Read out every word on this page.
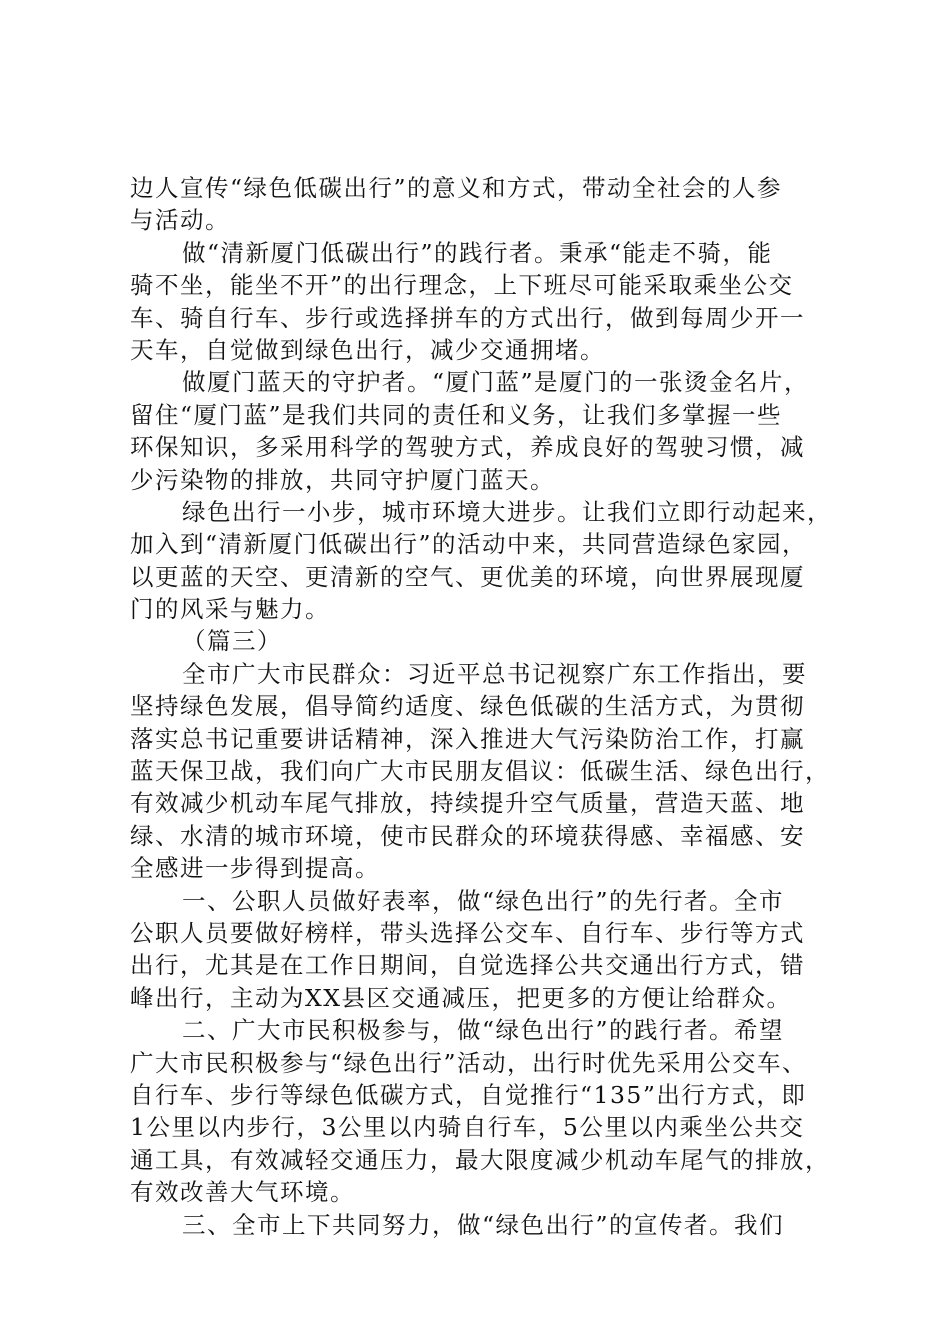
边人宣传“绿色低碳出行”的意义和方式，带动全社会的人参
与活动。
做“清新厦门低碳出行”的践行者。秉承“能走不骑，能
骑不坐，能坐不开”的出行理念，上下班尽可能采取乘坐公交
车、骑自行车、步行或选择拼车的方式出行，做到每周少开一
天车，自觉做到绿色出行，减少交通拥堵。
做厦门蓝天的守护者。“厦门蓝”是厦门的一张烫金名片，
留住“厦门蓝”是我们共同的责任和义务，让我们多掌握一些
环保知识，多采用科学的驾驶方式，养成良好的驾驶习惯，减
少污染物的排放，共同守护厦门蓝天。
绿色出行一小步，城市环境大进步。让我们立即行动起来，
加入到“清新厦门低碳出行”的活动中来，共同营造绿色家园，
以更蓝的天空、更清新的空气、更优美的环境，向世界展现厦
门的风采与魅力。
（篇三）
全市广大市民群众：习近平总书记视察广东工作指出，要
坚持绿色发展，倡导简约适度、绿色低碳的生活方式，为贯彻
落实总书记重要讲话精神，深入推进大气污染防治工作，打赢
蓝天保卫战，我们向广大市民朋友倡议：低碳生活、绿色出行，
有效减少机动车尾气排放，持续提升空气质量，营造天蓝、地
绿、水清的城市环境，使市民群众的环境获得感、幸福感、安
全感进一步得到提高。
一、公职人员做好表率，做“绿色出行”的先行者。全市
公职人员要做好榜样，带头选择公交车、自行车、步行等方式
出行，尤其是在工作日期间，自觉选择公共交通出行方式，错
峰出行，主动为XX县区交通减压，把更多的方便让给群众。
二、广大市民积极参与，做“绿色出行”的践行者。希望
广大市民积极参与“绿色出行”活动，出行时优先采用公交车、
自行车、步行等绿色低碳方式，自觉推行“135”出行方式，即
1公里以内步行，3公里以内骑自行车，5公里以内乘坐公共交
通工具，有效减轻交通压力，最大限度减少机动车尾气的排放，
有效改善大气环境。
三、全市上下共同努力，做“绿色出行”的宣传者。我们
